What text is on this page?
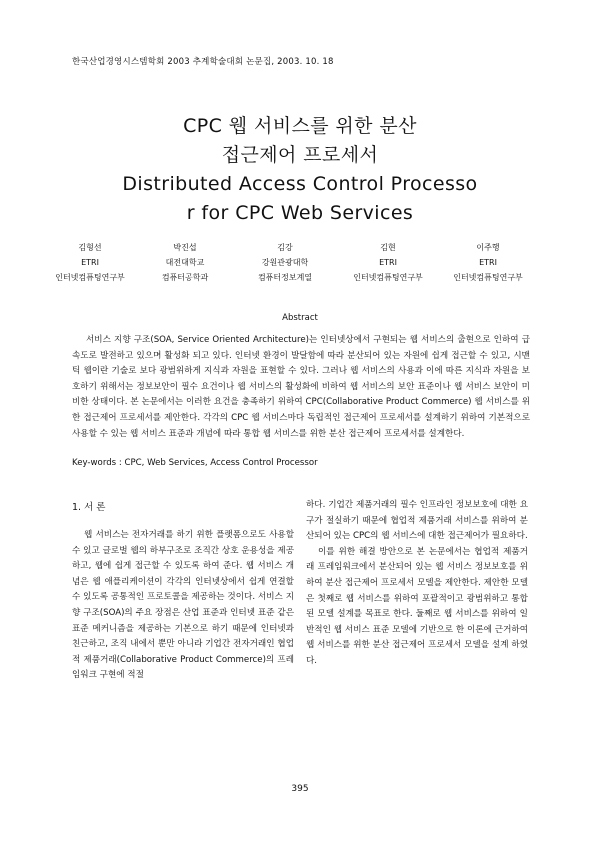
한국산업경영시스템학회 2003 추계학술대회 논문집, 2003. 10. 18
CPC 웹 서비스를 위한 분산
접근제어 프로세서
Distributed Access Control Processo
r for CPC Web Services
김형선
ETRI
인터넷컴퓨팅연구부
박진섭
대전대학교
컴퓨터공학과
김강
강원관광대학
컴퓨터정보계열
김현
ETRI
인터넷컴퓨팅연구부
이주행
ETRI
인터넷컴퓨팅연구부
Abstract

서비스 지향 구조(SOA, Service Oriented Architecture)는 인터넷상에서 구현되는 웹 서비스의 출현으로 인하여 급속도로 발전하고 있으며 활성화 되고 있다. 인터넷 환경이 발달함에 따라 분산되어 있는 자원에 쉽게 접근할 수 있고, 시맨틱 웹이란 기술로 보다 광범위하게 지식과 자원을 표현할 수 있다. 그러나 웹 서비스의 사용과 이에 따른 지식과 자원을 보호하기 위해서는 정보보안이 필수 요건이나 웹 서비스의 활성화에 비하여 웹 서비스의 보안 표준이나 웹 서비스 보안이 미비한 상태이다. 본 논문에서는 이러한 요건을 충족하기 위하여 CPC(Collaborative Product Commerce) 웹 서비스를 위한 접근제어 프로세서를 제안한다. 각각의 CPC 웹 서비스마다 독립적인 접근제어 프로세서를 설계하기 위하여 기본적으로 사용할 수 있는 웹 서비스 표준과 개념에 따라 통합 웹 서비스를 위한 분산 접근제어 프로세서를 설계한다.

Key-words : CPC, Web Services, Access Control Processor
1. 서 론

웹 서비스는 전자거래를 하기 위한 플랫폼으로도 사용할 수 있고 글로벌 웹의 하부구조로 조직간 상호 운용성을 제공하고, 웹에 쉽게 접근할 수 있도록 하여 준다. 웹 서비스 개념은 웹 애플리케이션이 각각의 인터넷상에서 쉽게 연결할 수 있도록 공통적인 프로토콜을 제공하는 것이다. 서비스 지향 구조(SOA)의 주요 장점은 산업 표준과 인터넷 표준 같은 표준 메커니즘을 제공하는 기본으로 하기 때문에 인터넷과 친근하고, 조직 내에서 뿐만 아니라 기업간 전자거래인 협업적 제품거래(Collaborative Product Commerce)의 프레임워크 구현에 적절

하다. 기업간 제품거래의 필수 인프라인 정보보호에 대한 요구가 절실하기 때문에 협업적 제품거래 서비스를 위하여 분산되어 있는 CPC의 웹 서비스에 대한 접근제어가 필요하다.

이를 위한 해결 방안으로 본 논문에서는 협업적 제품거래 프레임워크에서 분산되어 있는 웹 서비스 정보보호를 위하여 분산 접근제어 프로세서 모델을 제안한다. 제안한 모델은 첫째로 웹 서비스를 위하여 포괄적이고 광범위하고 통합된 모델 설계를 목표로 한다. 둘째로 웹 서비스를 위하여 일반적인 웹 서비스 표준 모델에 기반으로 한 이론에 근거하여 웹 서비스를 위한 분산 접근제어 프로세서 모델을 설계 하였다.

395
